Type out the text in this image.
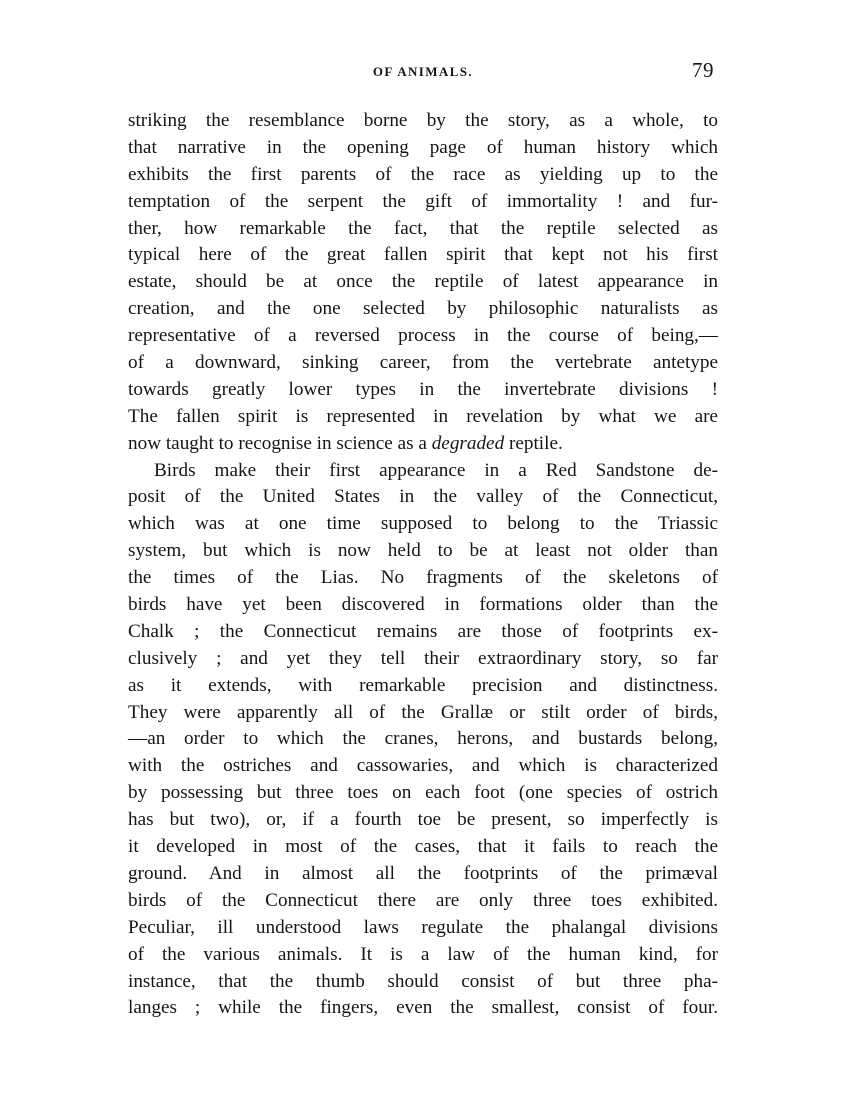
OF ANIMALS.	79
striking the resemblance borne by the story, as a whole, to
that narrative in the opening page of human history which
exhibits the first parents of the race as yielding up to the
temptation of the serpent the gift of immortality ! and fur-
ther, how remarkable the fact, that the reptile selected as
typical here of the great fallen spirit that kept not his first
estate, should be at once the reptile of latest appearance in
creation, and the one selected by philosophic naturalists as
representative of a reversed process in the course of being,—
of a downward, sinking career, from the vertebrate antetype
towards greatly lower types in the invertebrate divisions !
The fallen spirit is represented in revelation by what we are
now taught to recognise in science as a degraded reptile.
Birds make their first appearance in a Red Sandstone de-
posit of the United States in the valley of the Connecticut,
which was at one time supposed to belong to the Triassic
system, but which is now held to be at least not older than
the times of the Lias. No fragments of the skeletons of
birds have yet been discovered in formations older than the
Chalk ; the Connecticut remains are those of footprints ex-
clusively ; and yet they tell their extraordinary story, so far
as it extends, with remarkable precision and distinctness.
They were apparently all of the Grallæ or stilt order of birds,
—an order to which the cranes, herons, and bustards belong,
with the ostriches and cassowaries, and which is characterized
by possessing but three toes on each foot (one species of ostrich
has but two), or, if a fourth toe be present, so imperfectly is
it developed in most of the cases, that it fails to reach the
ground. And in almost all the footprints of the primæval
birds of the Connecticut there are only three toes exhibited.
Peculiar, ill understood laws regulate the phalangal divisions
of the various animals. It is a law of the human kind, for
instance, that the thumb should consist of but three pha-
langes ; while the fingers, even the smallest, consist of four.
